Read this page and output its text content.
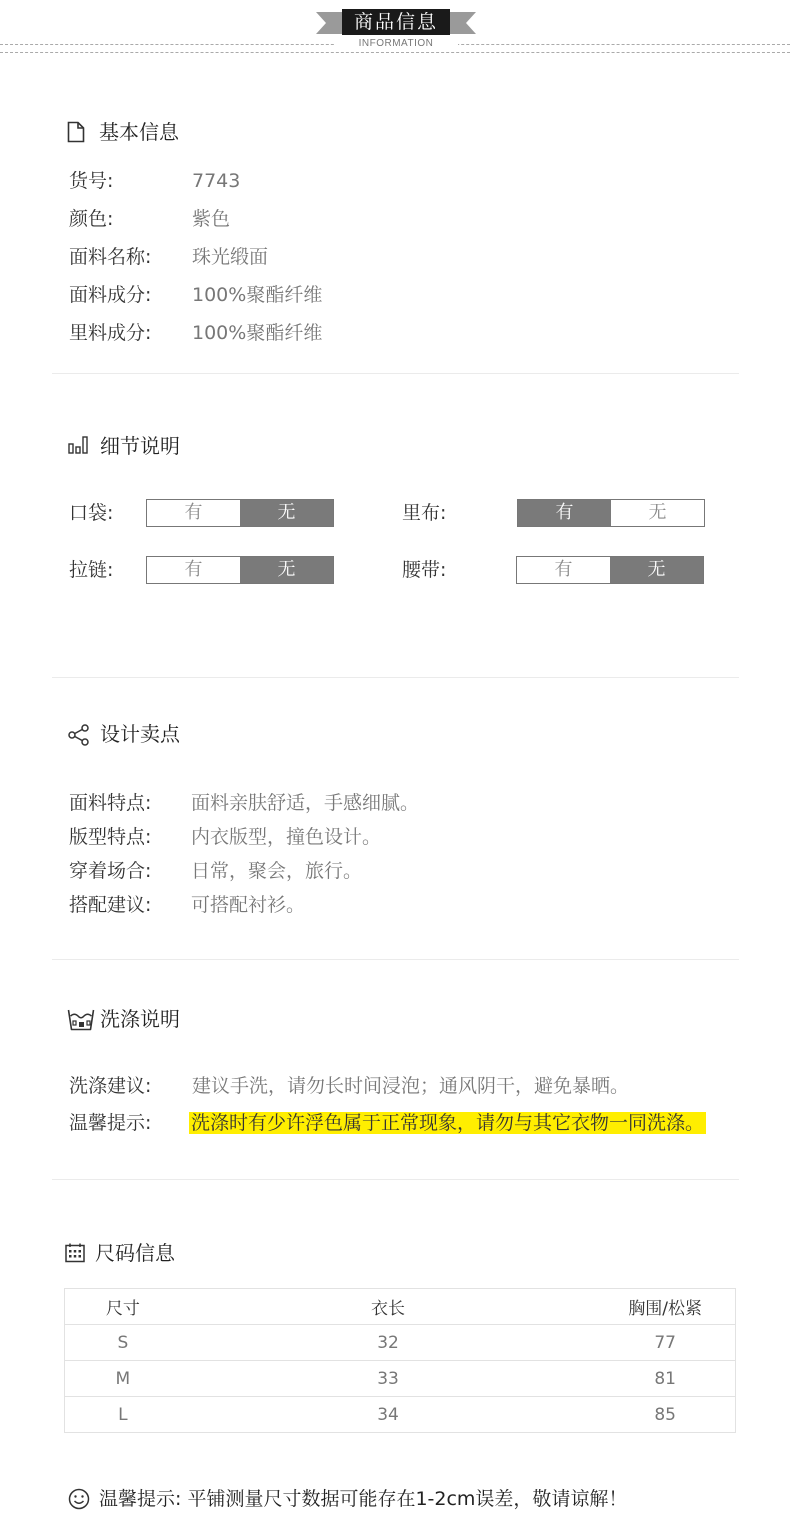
商品信息
INFORMATION
基本信息
货号:	7743
颜色:	紫色
面料名称: 珠光缎面
面料成分: 100%聚酯纤维
里料成分: 100%聚酯纤维
细节说明
口袋:	有	无	里布:	有	无
拉链:	有	无	腰带:	有	无
设计卖点
面料特点: 面料亲肤舒适，手感细腻。
版型特点: 内衣版型，撞色设计。
穿着场合: 日常，聚会，旅行。
搭配建议: 可搭配衬衫。
洗涤说明
洗涤建议: 建议手洗，请勿长时间浸泡；通风阴干，避免暴晒。
温馨提示: 洗涤时有少许浮色属于正常现象，请勿与其它衣物一同洗涤。
尺码信息
尺寸	衣长	胸围/松紧
S	32	77
M	33	81
L	34	85
温馨提示: 平铺测量尺寸数据可能存在1-2cm误差，敬请谅解！
